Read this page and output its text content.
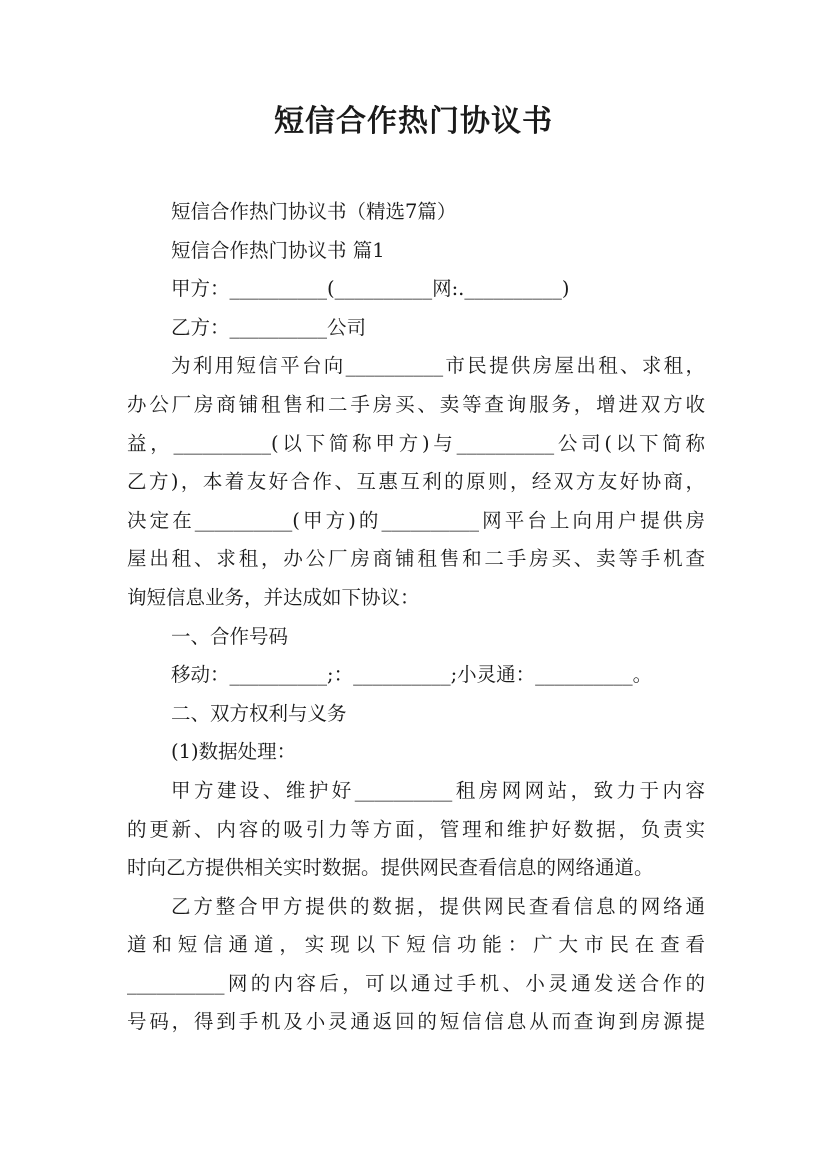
短信合作热门协议书
短信合作热门协议书（精选7篇）
短信合作热门协议书 篇1
甲方：__________(__________网:.__________)
乙方：__________公司
为利用短信平台向__________市民提供房屋出租、求租，
办公厂房商铺租售和二手房买、卖等查询服务，增进双方收
益，__________(以下简称甲方)与__________公司(以下简称
乙方)，本着友好合作、互惠互利的原则，经双方友好协商，
决定在__________(甲方)的__________网平台上向用户提供房
屋出租、求租，办公厂房商铺租售和二手房买、卖等手机查
询短信息业务，并达成如下协议：
一、合作号码
移动：__________;：__________;小灵通：__________。
二、双方权利与义务
(1)数据处理：
甲方建设、维护好__________租房网网站，致力于内容
的更新、内容的吸引力等方面，管理和维护好数据，负责实
时向乙方提供相关实时数据。提供网民查看信息的网络通道。
乙方整合甲方提供的数据，提供网民查看信息的网络通
道和短信通道，实现以下短信功能：广大市民在查看
__________网的内容后，可以通过手机、小灵通发送合作的
号码，得到手机及小灵通返回的短信信息从而查询到房源提
